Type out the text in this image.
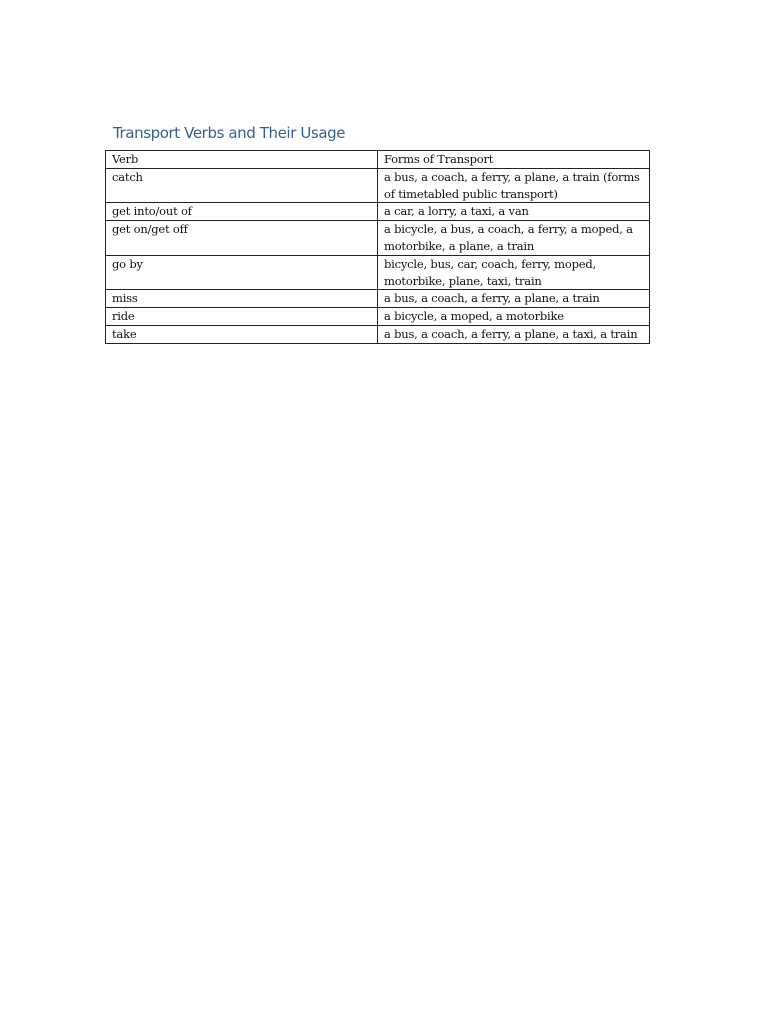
Transport Verbs and Their Usage
Verb	Forms of Transport
catch	a bus, a coach, a ferry, a plane, a train (forms of timetabled public transport)
get into/out of	a car, a lorry, a taxi, a van
get on/get off	a bicycle, a bus, a coach, a ferry, a moped, a motorbike, a plane, a train
go by	bicycle, bus, car, coach, ferry, moped, motorbike, plane, taxi, train
miss	a bus, a coach, a ferry, a plane, a train
ride	a bicycle, a moped, a motorbike
take	a bus, a coach, a ferry, a plane, a taxi, a train
